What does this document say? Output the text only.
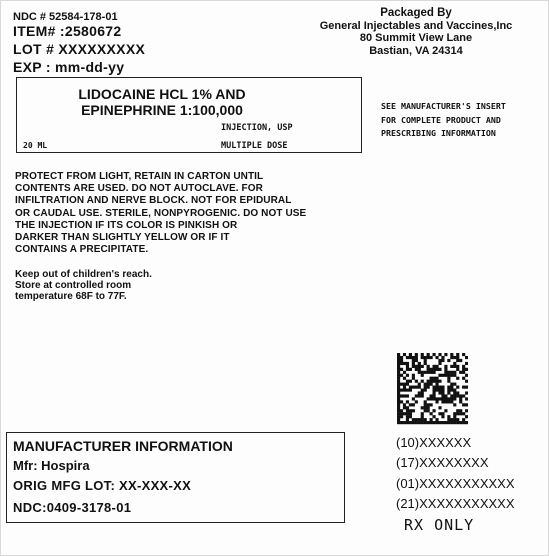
NDC # 52584-178-01
ITEM# :2580672
LOT # XXXXXXXXX
EXP : mm-dd-yy
Packaged By
General Injectables and Vaccines,Inc
80 Summit View Lane
Bastian, VA 24314
LIDOCAINE HCL 1% AND
EPINEPHRINE 1:100,000
INJECTION, USP
20 ML	MULTIPLE DOSE
SEE MANUFACTURER'S INSERT
FOR COMPLETE PRODUCT AND
PRESCRIBING INFORMATION
PROTECT FROM LIGHT, RETAIN IN CARTON UNTIL
CONTENTS ARE USED. DO NOT AUTOCLAVE. FOR
INFILTRATION AND NERVE BLOCK. NOT FOR EPIDURAL
OR CAUDAL USE. STERILE, NONPYROGENIC. DO NOT USE
THE INJECTION IF ITS COLOR IS PINKISH OR
DARKER THAN SLIGHTLY YELLOW OR IF IT
CONTAINS A PRECIPITATE.
Keep out of children's reach.
Store at controlled room
temperature 68F to 77F.
MANUFACTURER INFORMATION
Mfr: Hospira
ORIG MFG LOT: XX-XXX-XX
NDC:0409-3178-01
(10)XXXXXX
(17)XXXXXXXX
(01)XXXXXXXXXXX
(21)XXXXXXXXXXX
RX ONLY
